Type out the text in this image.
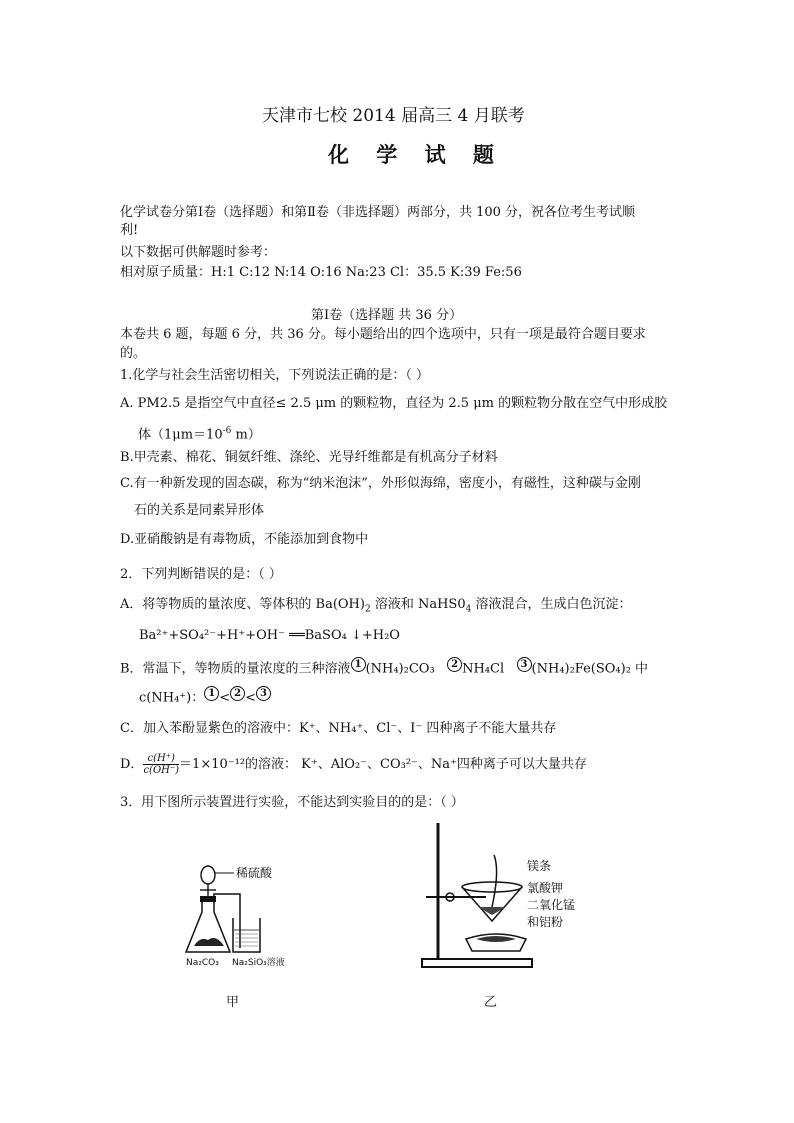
天津市七校 2014 届高三 4 月联考
化 学 试 题
化学试卷分第Ⅰ卷（选择题）和第Ⅱ卷（非选择题）两部分，共 100 分，祝各位考生考试顺
利!
以下数据可供解题时参考：
相对原子质量：H:1 C:12 N:14 O:16 Na:23 Cl：35.5 K:39 Fe:56
第Ⅰ卷（选择题 共 36 分）
本卷共 6 题，每题 6 分，共 36 分。每小题给出的四个选项中，只有一项是最符合题目要求
的。
1.化学与社会生活密切相关，下列说法正确的是：（ ）
A. PM2.5 是指空气中直径≤ 2.5 μm 的颗粒物，直径为 2.5 μm 的颗粒物分散在空气中形成胶
体（$1\mu m=10^{-6}$ m）
B.甲壳素、棉花、铜氨纤维、涤纶、光导纤维都是有机高分子材料
C.有一种新发现的固态碳，称为“纳米泡沫”，外形似海绵，密度小，有磁性，这种碳与金刚
石的关系是同素异形体
D.亚硝酸钠是有毒物质，不能添加到食物中
2．下列判断错误的是：（ ）
A．将等物质的量浓度、等体积的 $Ba(OH)_2$ 溶液和 $NaHS0_4$ 溶液混合，生成白色沉淀：
Ba²⁺+SO₄²⁻+H⁺+OH⁻ ══BaSO₄ ↓+H₂O
B．常温下，等物质的量浓度的三种溶液 1 (NH₄)₂CO₃ 2 NH₄Cl 3 (NH₄)₂Fe(SO₄)₂ 中
c(NH₄⁺)： 1 < 2 < 3
C．加入苯酚显紫色的溶液中：K⁺、NH₄⁺、Cl⁻、I⁻ 四种离子不能大量共存
D． $\frac{c(H^+)}{c(OH^-)} =1\times 10^{-12}$的溶液： K⁺、AlO₂⁻、CO₃²⁻、Na⁺四种离子可以大量共存
3．用下图所示装置进行实验，不能达到实验目的的是：（ ）
稀硫酸
Na₂CO₃ Na₂SiO₃溶液
甲
镁条
氯酸钾
二氧化锰
和铝粉
乙
